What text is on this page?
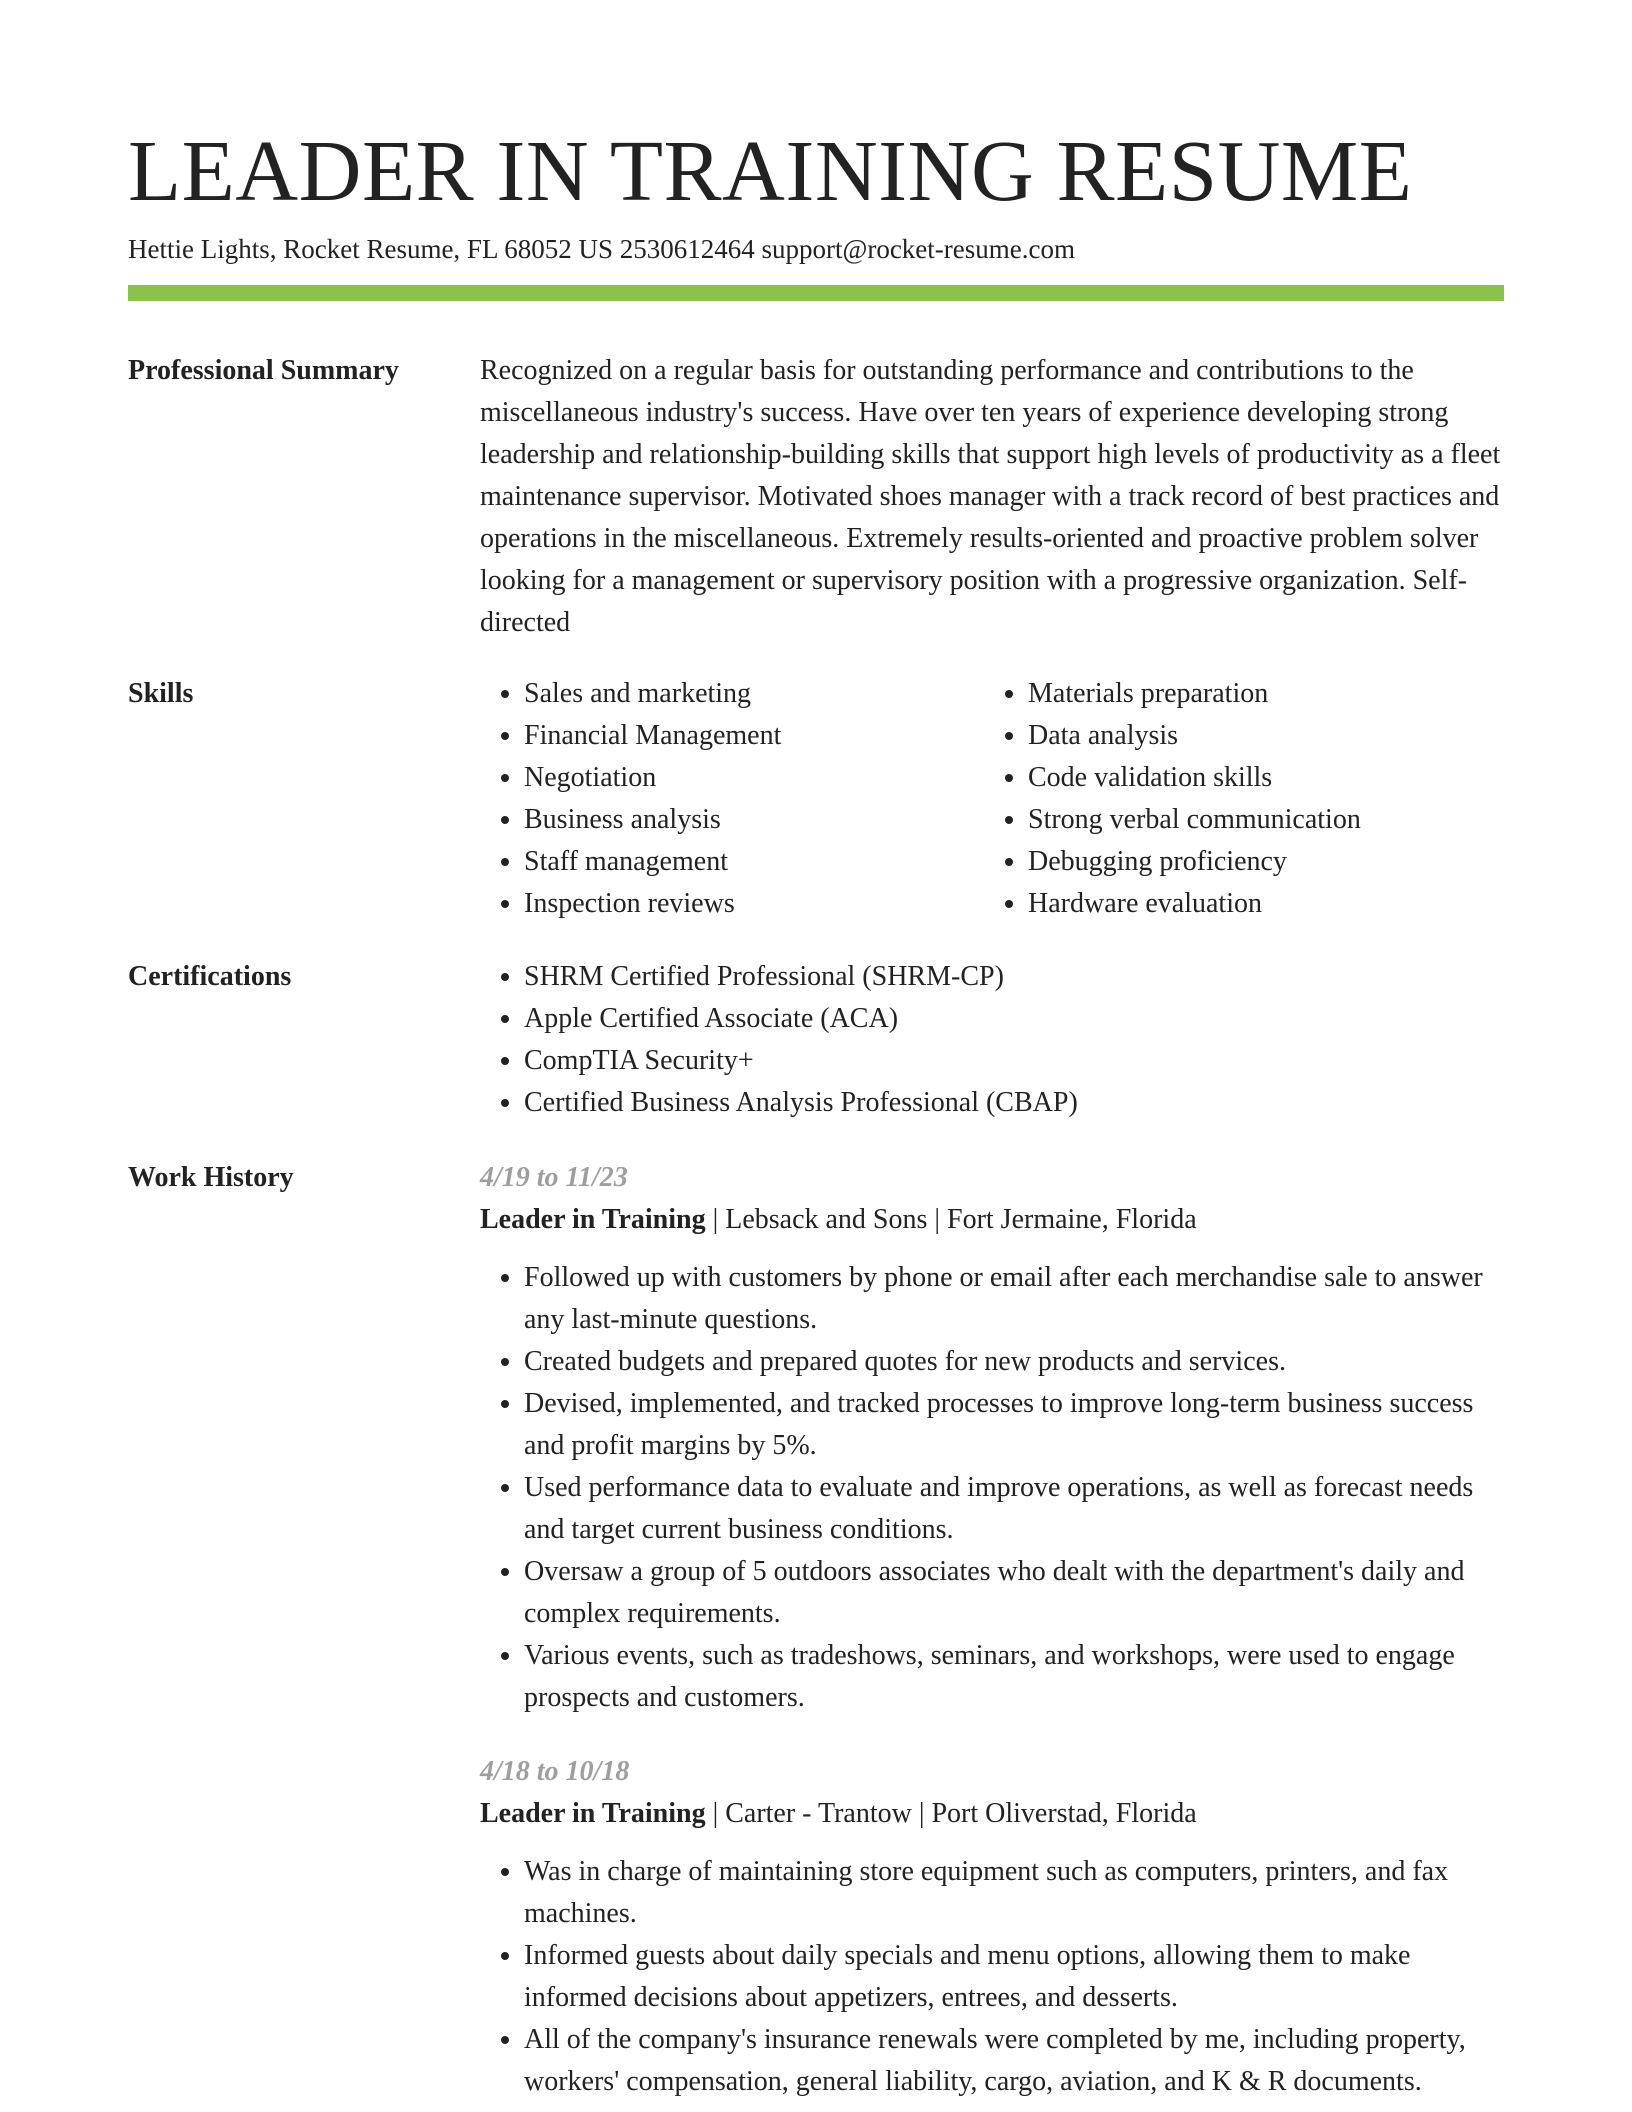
LEADER IN TRAINING RESUME
Hettie Lights, Rocket Resume, FL 68052 US 2530612464 support@rocket-resume.com
Professional Summary	Recognized on a regular basis for outstanding performance and contributions to the miscellaneous industry's success. Have over ten years of experience developing strong leadership and relationship-building skills that support high levels of productivity as a fleet maintenance supervisor. Motivated shoes manager with a track record of best practices and operations in the miscellaneous. Extremely results-oriented and proactive problem solver looking for a management or supervisory position with a progressive organization. Self-directed

Skills	• Sales and marketing
• Financial Management
• Negotiation
• Business analysis
• Staff management
• Inspection reviews
• Materials preparation
• Data analysis
• Code validation skills
• Strong verbal communication
• Debugging proficiency
• Hardware evaluation
Certifications	• SHRM Certified Professional (SHRM-CP)
• Apple Certified Associate (ACA)
• CompTIA Security+
• Certified Business Analysis Professional (CBAP)
Work History	4/19 to 11/23
Leader in Training | Lebsack and Sons | Fort Jermaine, Florida
• Followed up with customers by phone or email after each merchandise sale to answer any last-minute questions.
• Created budgets and prepared quotes for new products and services.
• Devised, implemented, and tracked processes to improve long-term business success and profit margins by 5%.
• Used performance data to evaluate and improve operations, as well as forecast needs and target current business conditions.
• Oversaw a group of 5 outdoors associates who dealt with the department's daily and complex requirements.
• Various events, such as tradeshows, seminars, and workshops, were used to engage prospects and customers.
4/18 to 10/18
Leader in Training | Carter - Trantow | Port Oliverstad, Florida
• Was in charge of maintaining store equipment such as computers, printers, and fax machines.
• Informed guests about daily specials and menu options, allowing them to make informed decisions about appetizers, entrees, and desserts.
• All of the company's insurance renewals were completed by me, including property, workers' compensation, general liability, cargo, aviation, and K & R documents.
